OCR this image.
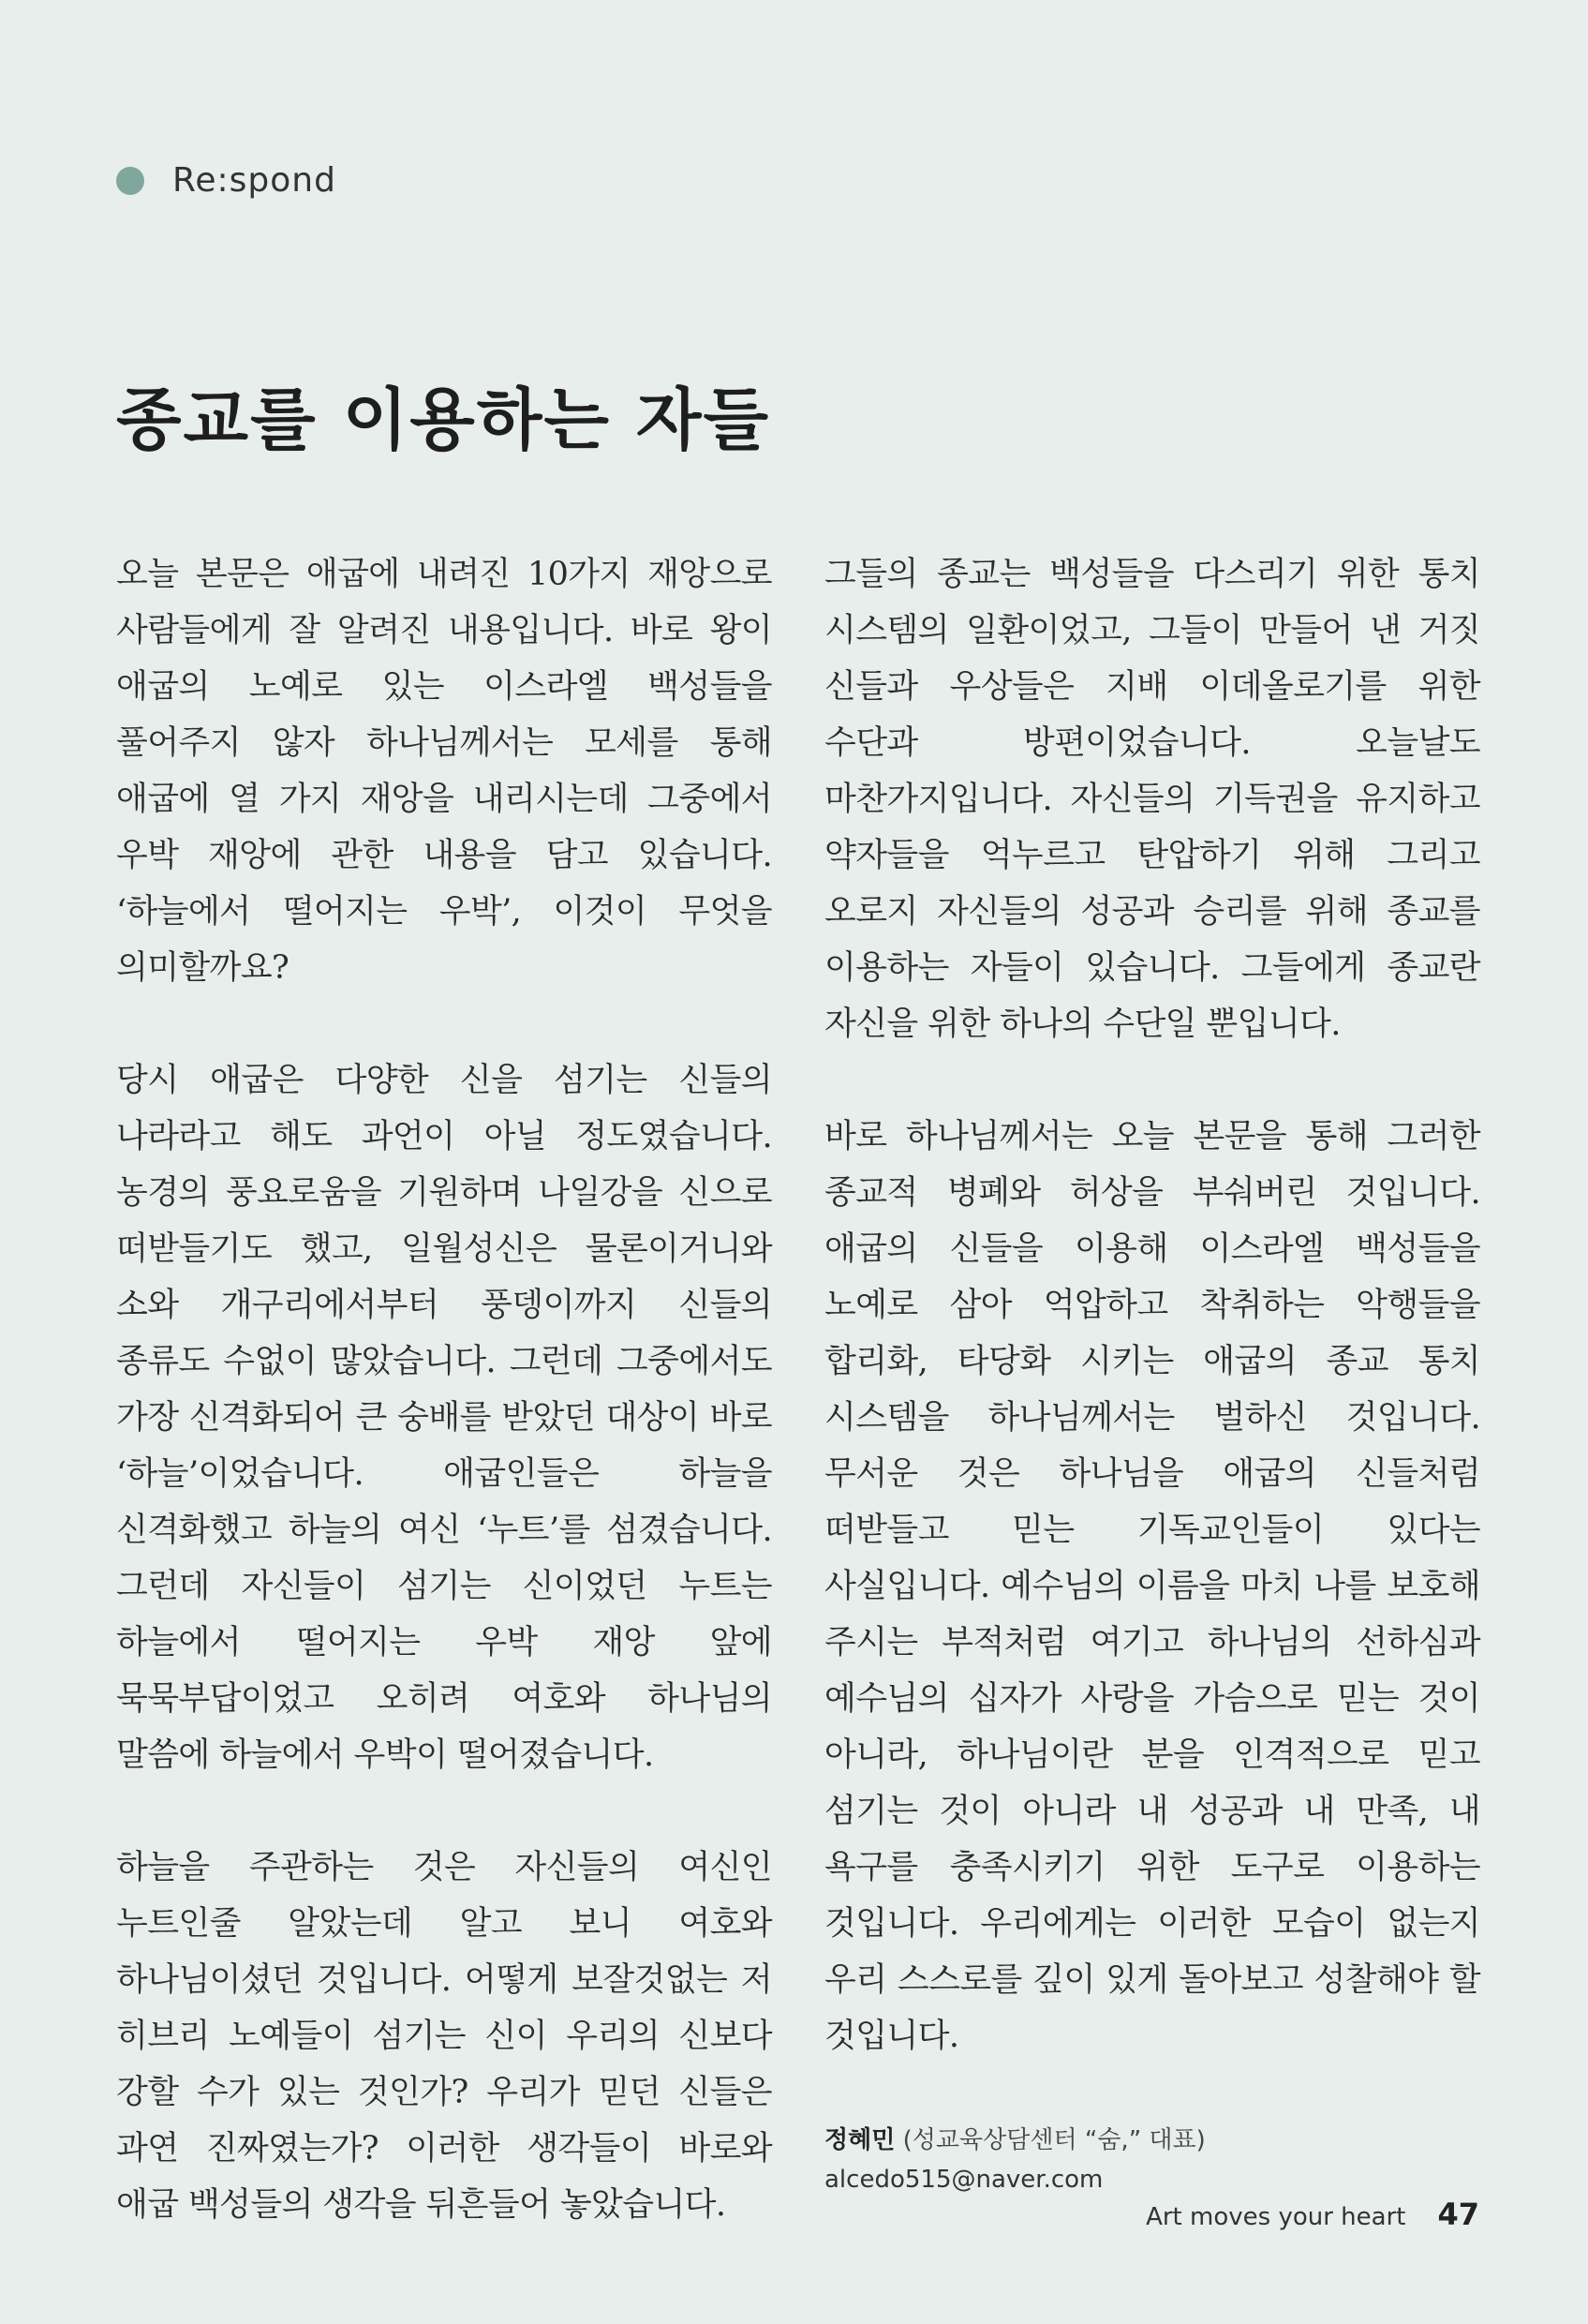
Re:spond
종교를 이용하는 자들

오늘 본문은 애굽에 내려진 10가지 재앙으로 사람들에게 잘 알려진 내용입니다. 바로 왕이 애굽의 노예로 있는 이스라엘 백성들을 풀어주지 않자 하나님께서는 모세를 통해 애굽에 열 가지 재앙을 내리시는데 그중에서 우박 재앙에 관한 내용을 담고 있습니다. ‘하늘에서 떨어지는 우박’, 이것이 무엇을 의미할까요?

당시 애굽은 다양한 신을 섬기는 신들의 나라라고 해도 과언이 아닐 정도였습니다. 농경의 풍요로움을 기원하며 나일강을 신으로 떠받들기도 했고, 일월성신은 물론이거니와 소와 개구리에서부터 풍뎅이까지 신들의 종류도 수없이 많았습니다. 그런데 그중에서도 가장 신격화되어 큰 숭배를 받았던 대상이 바로 ‘하늘’이었습니다. 애굽인들은 하늘을 신격화했고 하늘의 여신 ‘누트’를 섬겼습니다. 그런데 자신들이 섬기는 신이었던 누트는 하늘에서 떨어지는 우박 재앙 앞에 묵묵부답이었고 오히려 여호와 하나님의 말씀에 하늘에서 우박이 떨어졌습니다.

하늘을 주관하는 것은 자신들의 여신인 누트인줄 알았는데 알고 보니 여호와 하나님이셨던 것입니다. 어떻게 보잘것없는 저 히브리 노예들이 섬기는 신이 우리의 신보다 강할 수가 있는 것인가? 우리가 믿던 신들은 과연 진짜였는가? 이러한 생각들이 바로와 애굽 백성들의 생각을 뒤흔들어 놓았습니다.

그들의 종교는 백성들을 다스리기 위한 통치 시스템의 일환이었고, 그들이 만들어 낸 거짓 신들과 우상들은 지배 이데올로기를 위한 수단과 방편이었습니다. 오늘날도 마찬가지입니다. 자신들의 기득권을 유지하고 약자들을 억누르고 탄압하기 위해 그리고 오로지 자신들의 성공과 승리를 위해 종교를 이용하는 자들이 있습니다. 그들에게 종교란 자신을 위한 하나의 수단일 뿐입니다.

바로 하나님께서는 오늘 본문을 통해 그러한 종교적 병폐와 허상을 부숴버린 것입니다. 애굽의 신들을 이용해 이스라엘 백성들을 노예로 삼아 억압하고 착취하는 악행들을 합리화, 타당화 시키는 애굽의 종교 통치 시스템을 하나님께서는 벌하신 것입니다. 무서운 것은 하나님을 애굽의 신들처럼 떠받들고 믿는 기독교인들이 있다는 사실입니다. 예수님의 이름을 마치 나를 보호해 주시는 부적처럼 여기고 하나님의 선하심과 예수님의 십자가 사랑을 가슴으로 믿는 것이 아니라, 하나님이란 분을 인격적으로 믿고 섬기는 것이 아니라 내 성공과 내 만족, 내 욕구를 충족시키기 위한 도구로 이용하는 것입니다. 우리에게는 이러한 모습이 없는지 우리 스스로를 깊이 있게 돌아보고 성찰해야 할 것입니다.

정혜민 (성교육상담센터 “숨,” 대표)
alcedo515@naver.com
Art moves your heart 47
